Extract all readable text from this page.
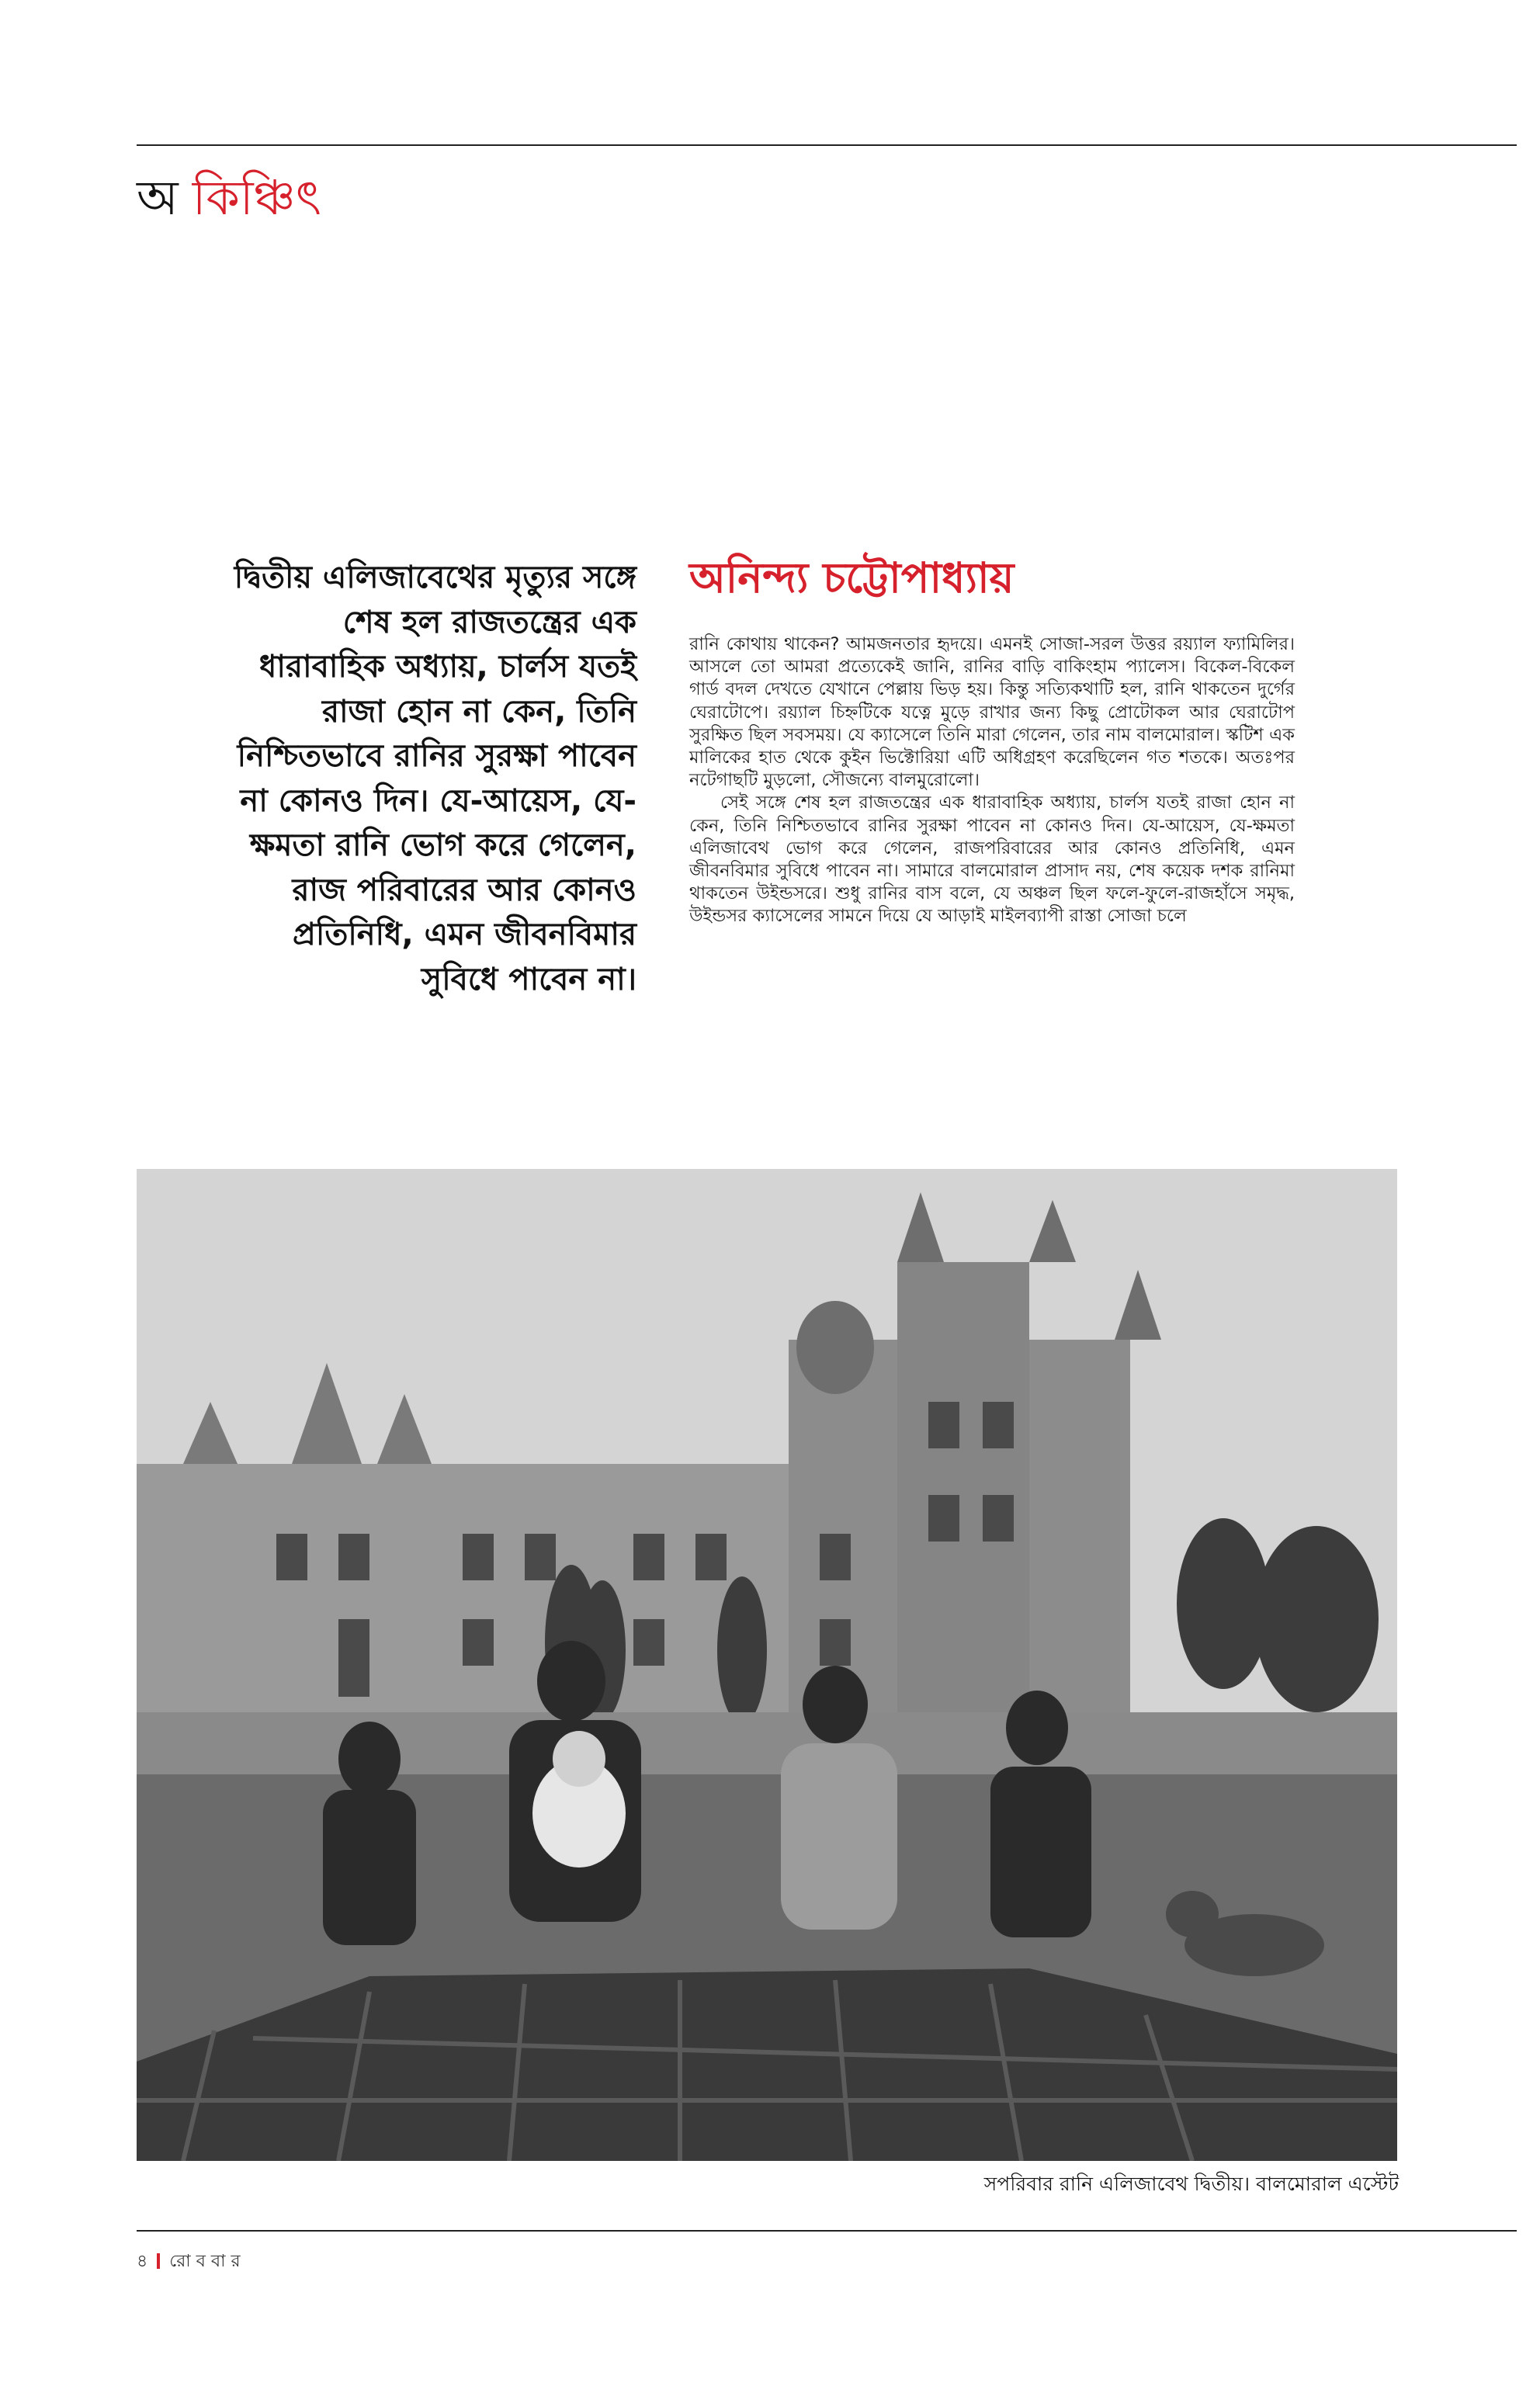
অ কিঞ্চিৎ

দ্বিতীয় এলিজাবেথের মৃত্যুর সঙ্গে শেষ হল রাজতন্ত্রের এক ধারাবাহিক অধ্যায়, চার্লস যতই রাজা হোন না কেন, তিনি নিশ্চিতভাবে রানির সুরক্ষা পাবেন না কোনও দিন। যে-আয়েস, যে-ক্ষমতা রানি ভোগ করে গেলেন, রাজ পরিবারের আর কোনও প্রতিনিধি, এমন জীবনবিমার সুবিধে পাবেন না।

অনিন্দ্য চট্টোপাধ্যায়

রানি কোথায় থাকেন? আমজনতার হৃদয়ে। এমনই সোজা-সরল উত্তর রয়্যাল ফ্যামিলির। আসলে তো আমরা প্রত্যেকেই জানি, রানির বাড়ি বাকিংহাম প্যালেস। বিকেল-বিকেল গার্ড বদল দেখতে যেখানে পেল্লায় ভিড় হয়। কিন্তু সত্যিকথাটি হল, রানি থাকতেন দুর্গের ঘেরাটোপে। রয়্যাল চিহ্নটিকে যত্নে মুড়ে রাখার জন্য কিছু প্রোটোকল আর ঘেরাটোপ সুরক্ষিত ছিল সবসময়। যে ক্যাসেলে তিনি মারা গেলেন, তার নাম বালমোরাল। স্কটিশ এক মালিকের হাত থেকে কুইন ভিক্টোরিয়া এটি অধিগ্রহণ করেছিলেন গত শতকে। অতঃপর নটেগাছটি মুড়লো, সৌজন্যে বালমুরোলো।

সেই সঙ্গে শেষ হল রাজতন্ত্রের এক ধারাবাহিক অধ্যায়, চার্লস যতই রাজা হোন না কেন, তিনি নিশ্চিতভাবে রানির সুরক্ষা পাবেন না কোনও দিন। যে-আয়েস, যে-ক্ষমতা এলিজাবেথ ভোগ করে গেলেন, রাজপরিবারের আর কোনও প্রতিনিধি, এমন জীবনবিমার সুবিধে পাবেন না। সামারে বালমোরাল প্রাসাদ নয়, শেষ কয়েক দশক রানিমা থাকতেন উইন্ডসরে। শুধু রানির বাস বলে, যে অঞ্চল ছিল ফলে-ফুলে-রাজহাঁসে সমৃদ্ধ, উইন্ডসর ক্যাসেলের সামনে দিয়ে যে আড়াই মাইলব্যাপী রাস্তা সোজা চলে

সপরিবার রানি এলিজাবেথ দ্বিতীয়। বালমোরাল এস্টেট
৪ রো ব বা র
